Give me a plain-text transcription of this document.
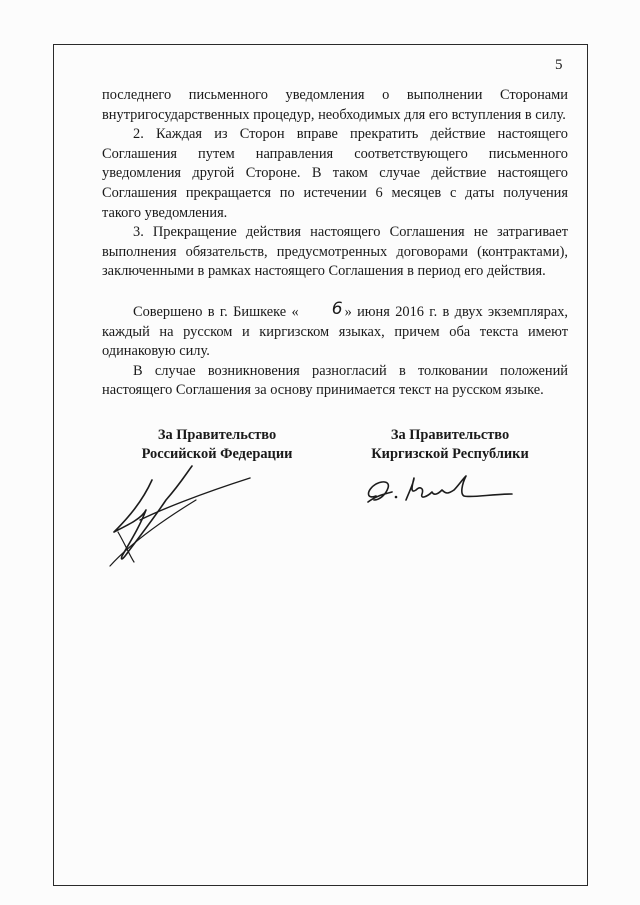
5

последнего письменного уведомления о выполнении Сторонами внутригосударственных процедур, необходимых для его вступления в силу.

2. Каждая из Сторон вправе прекратить действие настоящего Соглашения путем направления соответствующего письменного уведомления другой Стороне. В таком случае действие настоящего Соглашения прекращается по истечении 6 месяцев с даты получения такого уведомления.

3. Прекращение действия настоящего Соглашения не затрагивает выполнения обязательств, предусмотренных договорами (контрактами), заключенными в рамках настоящего Соглашения в период его действия.

Совершено в г. Бишкеке « 6 » июня 2016 г. в двух экземплярах, каждый на русском и киргизском языках, причем оба текста имеют одинаковую силу.

В случае возникновения разногласий в толковании положений настоящего Соглашения за основу принимается текст на русском языке.

За Правительство
Российской Федерации
За Правительство
Киргизской Республики
